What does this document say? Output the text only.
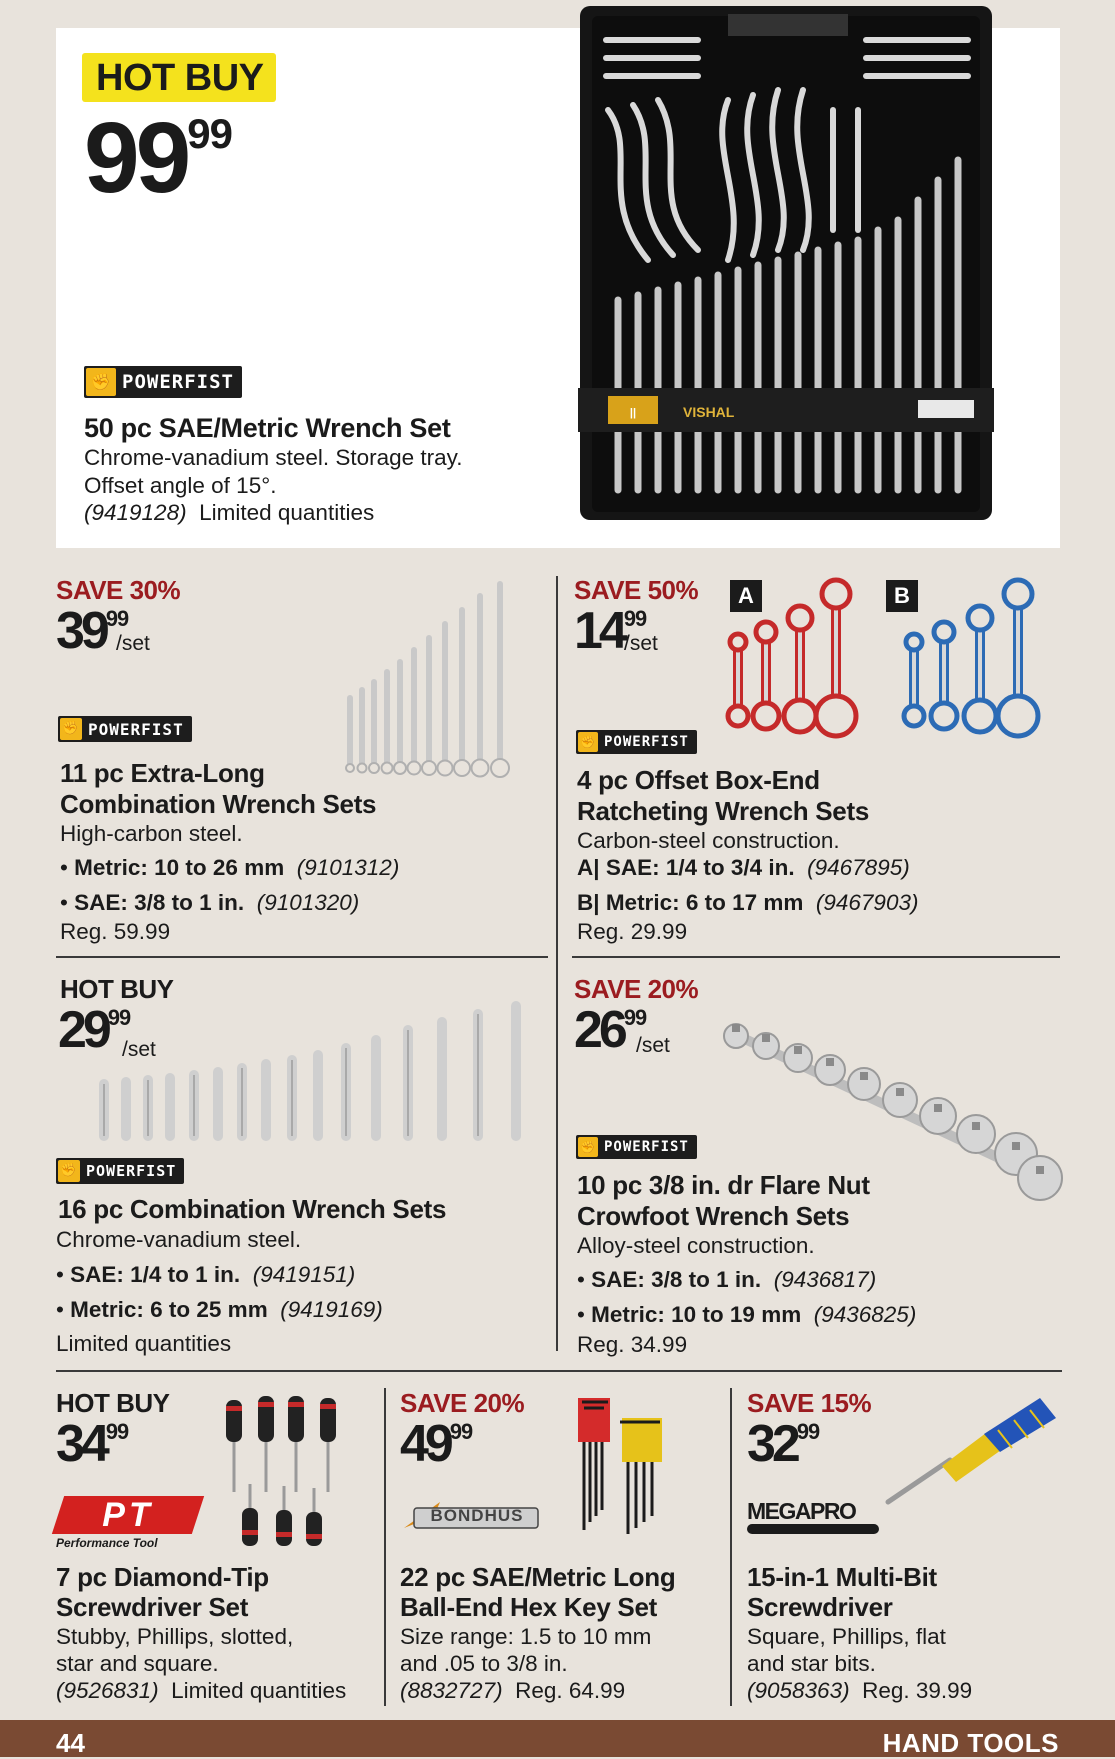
HOT BUY
$99^{99}$
||	VISHAL
✊ POWERFIST
50 pc SAE/Metric Wrench Set
Chrome-vanadium steel. Storage tray.
Offset angle of 15°.
(9419128) Limited quantities
SAVE 30%
$39^{99}$
/set
✊ POWERFIST
11 pc Extra-Long
Combination Wrench Sets
High-carbon steel.
• Metric: 10 to 26 mm (9101312)
• SAE: 3/8 to 1 in. (9101320)
Reg. 59.99
SAVE 50%
$14^{99}$
/set
A	B
✊ POWERFIST
4 pc Offset Box-End
Ratcheting Wrench Sets
Carbon-steel construction.
A| SAE: 1/4 to 3/4 in. (9467895)
B| Metric: 6 to 17 mm (9467903)
Reg. 29.99
HOT BUY
$29^{99}$
/set
✊ POWERFIST
16 pc Combination Wrench Sets
Chrome-vanadium steel.
• SAE: 1/4 to 1 in. (9419151)
• Metric: 6 to 25 mm (9419169)
Limited quantities
SAVE 20%
$26^{99}$
/set
✊ POWERFIST
10 pc 3/8 in. dr Flare Nut
Crowfoot Wrench Sets
Alloy-steel construction.
• SAE: 3/8 to 1 in. (9436817)
• Metric: 10 to 19 mm (9436825)
Reg. 34.99
HOT BUY
$34^{99}$
PT
Performance Tool
7 pc Diamond-Tip
Screwdriver Set
Stubby, Phillips, slotted,
star and square.
(9526831) Limited quantities
SAVE 20%
$49^{99}$
BONDHUS
22 pc SAE/Metric Long
Ball-End Hex Key Set
Size range: 1.5 to 10 mm
and .05 to 3/8 in.
(8832727) Reg. 64.99
SAVE 15%
$32^{99}$
MEGAPRO
15-in-1 Multi-Bit
Screwdriver
Square, Phillips, flat
and star bits.
(9058363) Reg. 39.99
44	HAND TOOLS
